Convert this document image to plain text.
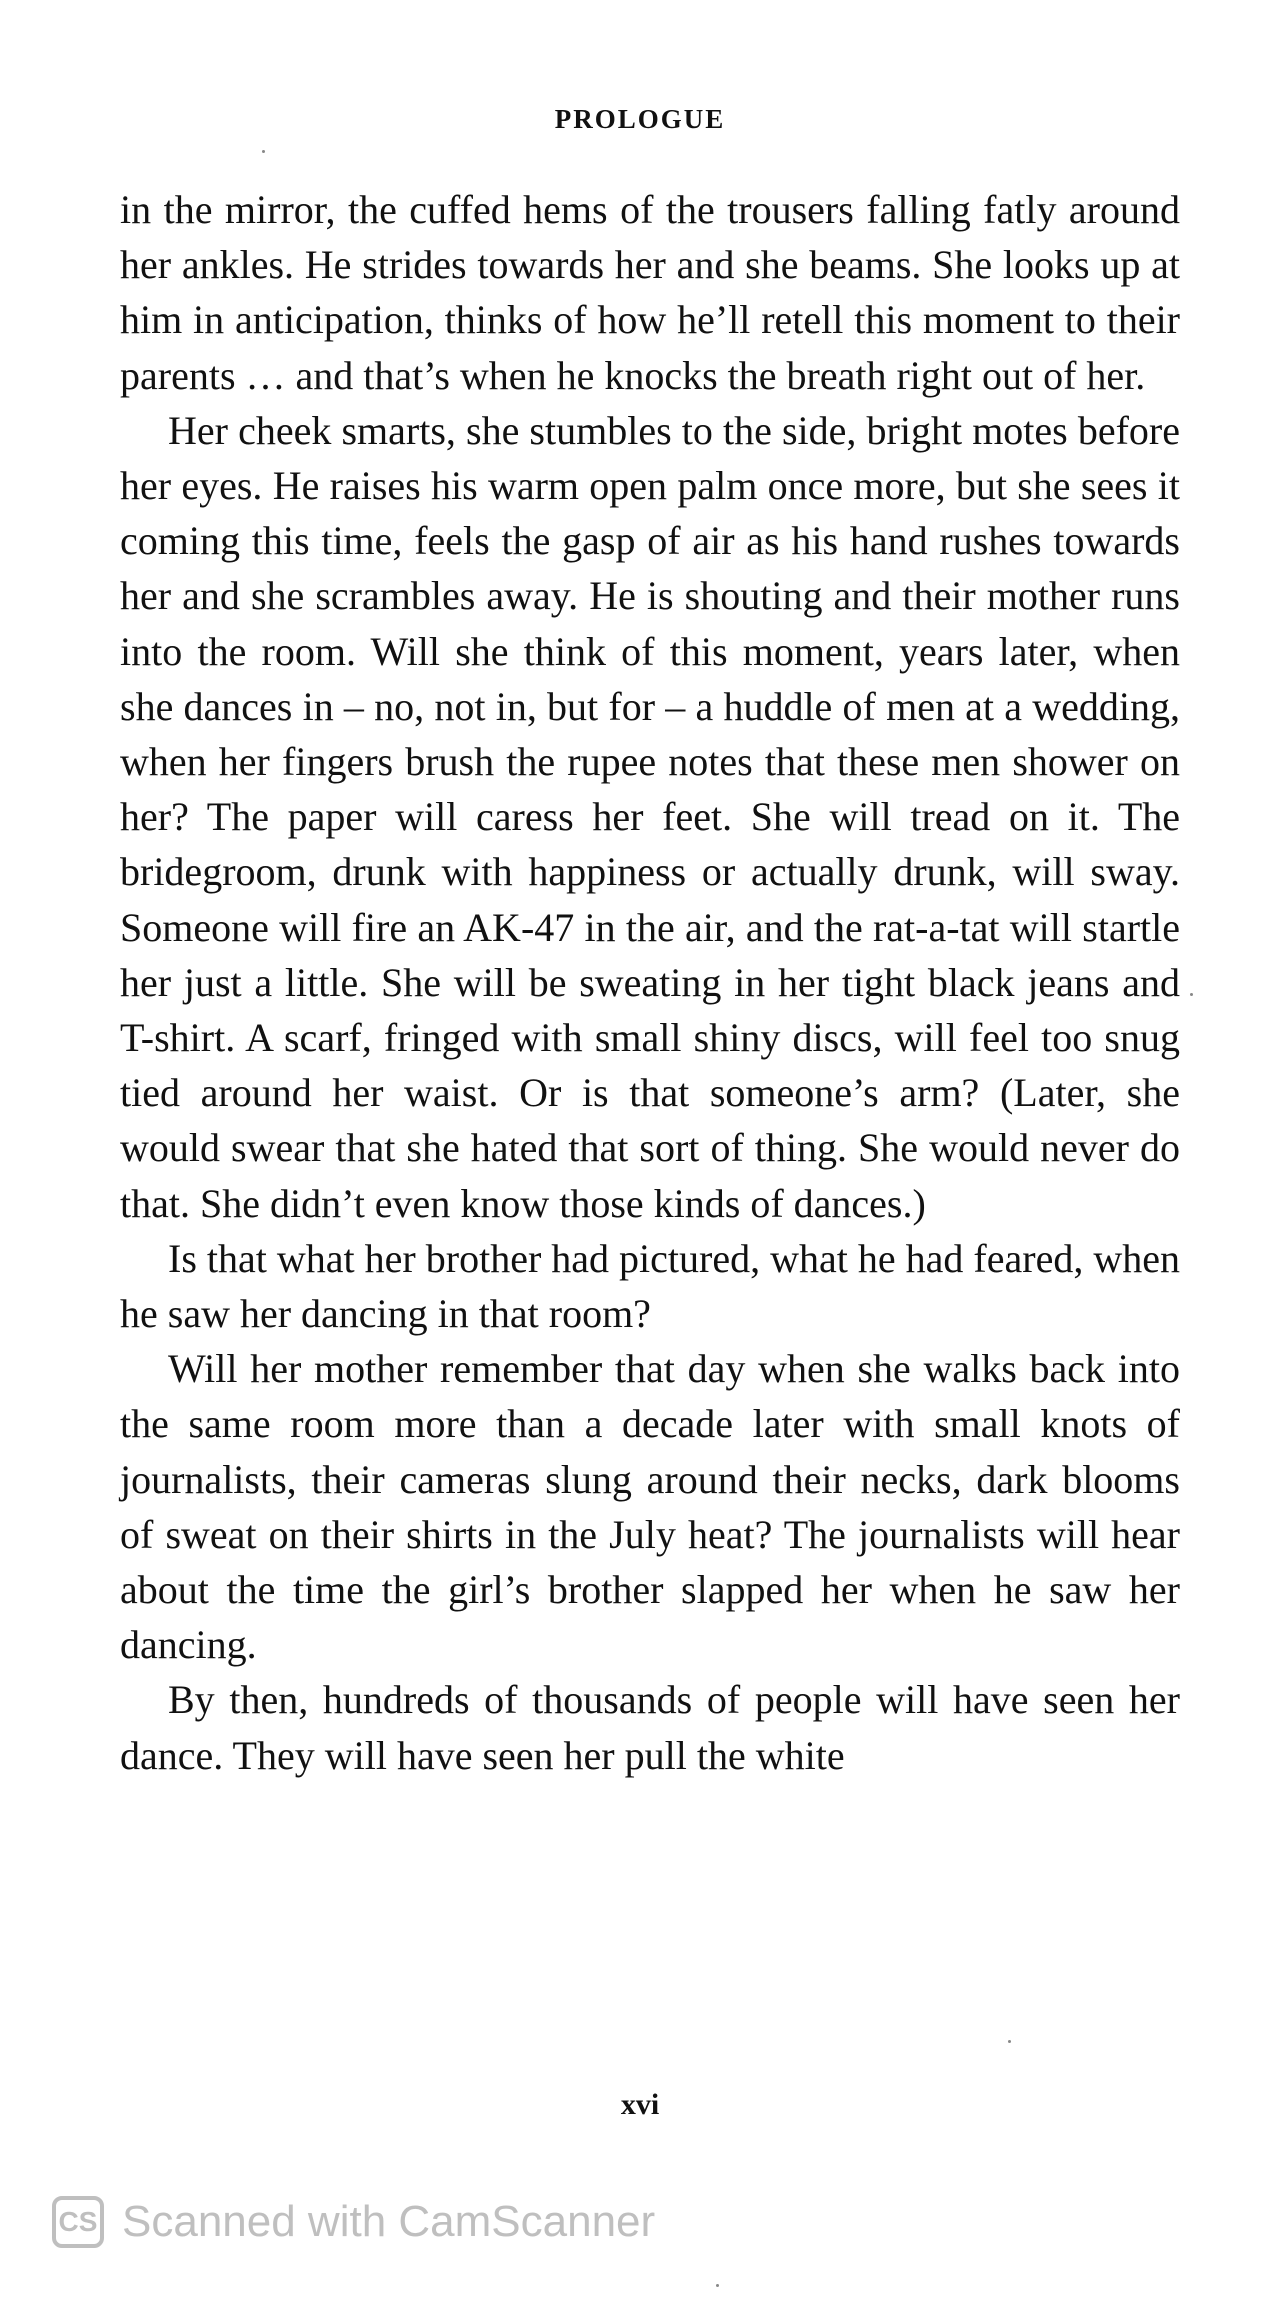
PROLOGUE

in the mirror, the cuffed hems of the trousers falling fatly around her ankles. He strides towards her and she beams. She looks up at him in anticipation, thinks of how he’ll retell this moment to their parents … and that’s when he knocks the breath right out of her.

Her cheek smarts, she stumbles to the side, bright motes before her eyes. He raises his warm open palm once more, but she sees it coming this time, feels the gasp of air as his hand rushes towards her and she scrambles away. He is shouting and their mother runs into the room. Will she think of this moment, years later, when she dances in – no, not in, but for – a huddle of men at a wedding, when her fingers brush the rupee notes that these men shower on her? The paper will caress her feet. She will tread on it. The bridegroom, drunk with happiness or actually drunk, will sway. Someone will fire an AK-47 in the air, and the rat-a-tat will startle her just a little. She will be sweating in her tight black jeans and T-shirt. A scarf, fringed with small shiny discs, will feel too snug tied around her waist. Or is that someone’s arm? (Later, she would swear that she hated that sort of thing. She would never do that. She didn’t even know those kinds of dances.)

Is that what her brother had pictured, what he had feared, when he saw her dancing in that room?

Will her mother remember that day when she walks back into the same room more than a decade later with small knots of journalists, their cameras slung around their necks, dark blooms of sweat on their shirts in the July heat? The journalists will hear about the time the girl’s brother slapped her when he saw her dancing.

By then, hundreds of thousands of people will have seen her dance. They will have seen her pull the white

xvi
CS Scanned with CamScanner
